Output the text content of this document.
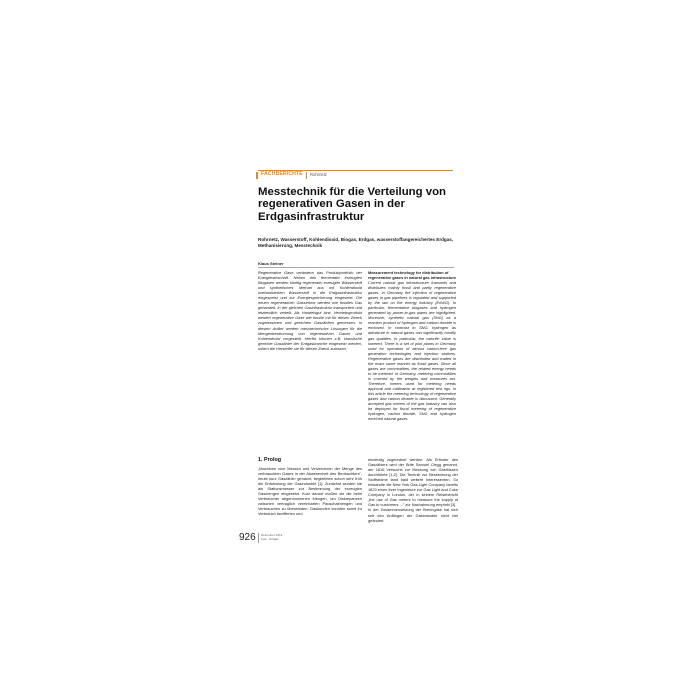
FACHBERICHTE Rohrnetz
Messtechnik für die Verteilung von regenerativen Gasen in der Erdgasinfrastruktur
Rohrnetz, Wasserstoff, Kohlendioxid, Biogas, Erdgas, wasserstoffangereichertes Erdgas, Methanisierung, Messtechnik
Klaus Steiner
Regenerative Gase verändern das Produktportfolio der Energiewirtschaft. Neben den fermentativ erzeugten Biogasen werden künftig regenerativ erzeugter Wasserstoff und synthetisches Methan aus mit Kohlendioxid methanisiertem Wasserstoff in die Erdgasinfrastruktur eingespeist und zur Energiespeicherung eingesetzt. Die neuen regenerativen Gasströme werden wie fossiles Gas gehandelt, in der gleichen Gasinfrastruktur transportiert und letztendlich verteilt. Als Handelsgut bzw. Vertriebsprodukt werden regenerative Gase wie fossile mit für diesen Zweck zugelassenen und geeichten Gaszählern gemessen. In diesem Artikel werden messtechnische Lösungen für die Mengenbestimmung von regenerativen Gasen und Kohlendioxid vorgestellt. Hierfür können z.B. klassische geeichte Gaszähler der Erdgasbranche eingesetzt werden, sofern die Hersteller sie für diesen Zweck zulassen.
Measurement technology for distribution of regenerative gases in natural gas infrastructure
Current natural gas infrastructure transmits and distributes mainly fossil and partly regenerative gases. In Germany the injection of regenerative gases in gas pipelines is regulated and supported by the law on the energy industry (EnWG). In particular, fermentative biogases and hydrogen generated by power-to-gas plants are highlighted. Moreover, synthetic natural gas (SNG) as a reaction product of hydrogen and carbon dioxide is enclosed. In contrast to SNG, hydrogen as admixture in natural gases can significantly modify gas qualities. In particular, the calorific value is lowered. There is a set of pilot plants in Germany used for operation of almost carbon-free gas generation technologies and injection stations. Regenerative gases are distributed and traded in the exact same manner as fossil gases. Since all gases are commodities, the related energy needs to be metered. In Germany, metering commodities is covered by the weights and measures act. Therefore, meters used for metering needs approval and calibration at registered test rigs. In this article the metering technology of regenerative gases and carbon dioxide is discussed. Generally accepted gas meters of the gas industry can also be deployed for fiscal metering of regenerative hydrogen, carbon dioxide, SNG and hydrogen enriched natural gases.
1. Prolog
„Machinen zum Messen und Verzeichnen der Menge des verbrauchten Gases in der Abwesenheit des Beobachters", heute kurz Gaszähler genannt, begleiteten schon sehr früh die Entwicklung der Gasindustrie [1]. Zunächst wurden sie als Stationsmesser zur Bestimmung der erzeugten Gasmengen eingesetzt. Kurz darauf maßen sie die beim Verbraucher abgenommenen Mengen, um Diskrepanzen zwischen vertraglich vereinbarten Pauschalmengen und Verbrauchen zu überwinden. Gaskunden konnten somit ihr Verbrauch bezifferten und
eindeutig zugeordnet werden. Als Erfinder des Gaszählers wird der Brite Samuel Clegg genannt, der 1816 Versuche zur Messung von Gasflüssen durchführte [1,2]. Die Technik zur Bestimmung der Stoffströme fand bald weitere Interessenten. So entsandte die New York Gas-Light Company bereits 1823 einen ihrer Ingenieure zur Gas Light and Coke Company in London, der in seinem Reisebericht „the use of Gas meters to measure the supply of Gas to customers ..." zur Nachahmung empfahl [3].
In der Zusammensetzung der Brenngase hat sich seit den Anfängen der Gasindustrie nicht viel geändert.
926 Dezember 2013
Gas · Erdgas
